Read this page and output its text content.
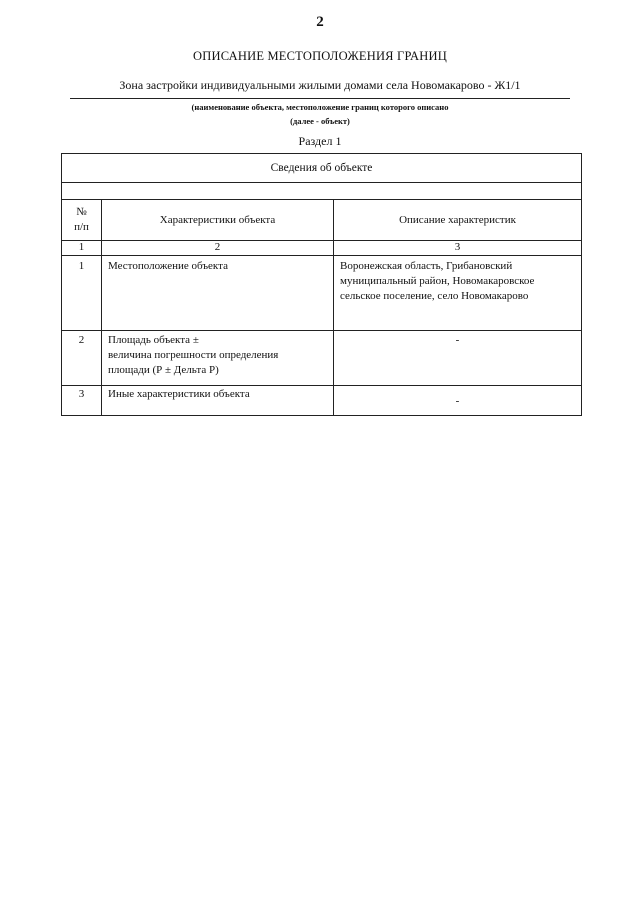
2
ОПИСАНИЕ МЕСТОПОЛОЖЕНИЯ ГРАНИЦ
Зона застройки индивидуальными жилыми домами села Новомакарово - Ж1/1
(наименование объекта, местоположение границ которого описано
(далее - объект)
Раздел 1
Сведения об объекте		

№
п/п	Характеристики объекта	Описание характеристик
1	2	3
1	Местоположение объекта	Воронежская область, Грибановский
муниципальный район, Новомакаровское
сельское поселение, село Новомакарово

2	Площадь объекта ±
величина погрешности определения
площади (Р ± Дельта Р)	-
3	Иные характеристики объекта	-
